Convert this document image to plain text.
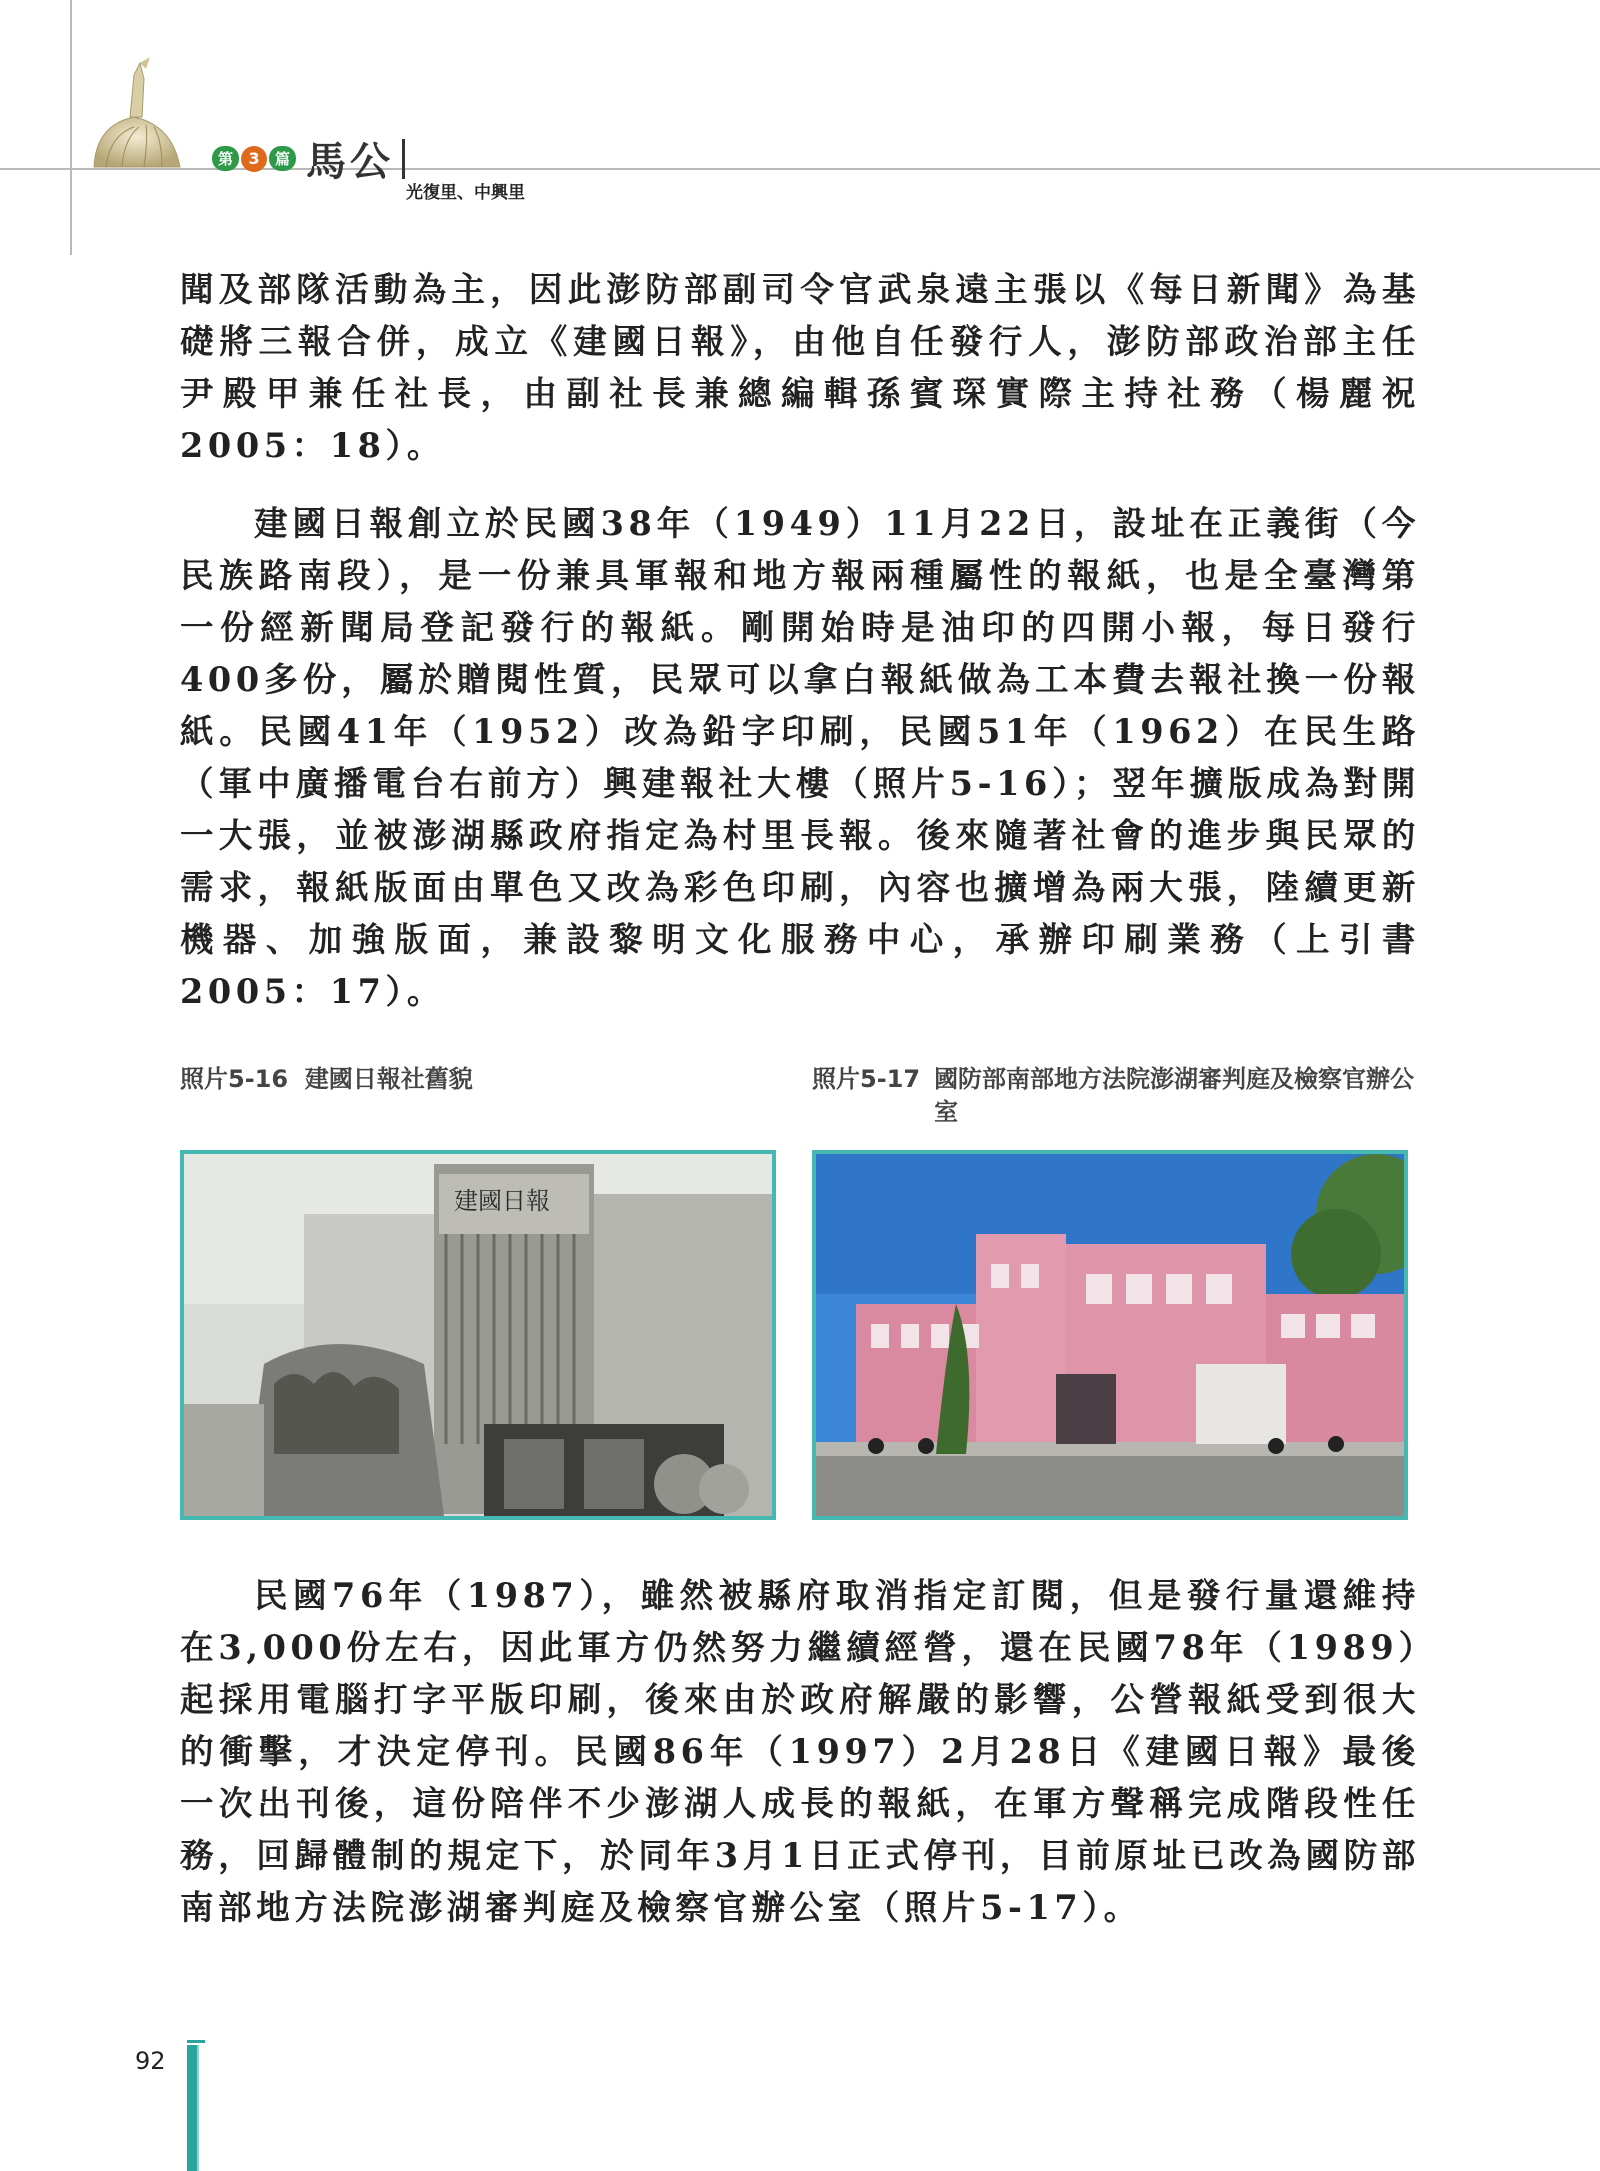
第 3	篇 馬公
光復里、中興里
聞及部隊活動為主，因此澎防部副司令官武泉遠主張以《每日新聞》為基礎將三報合併，成立《建國日報》，由他自任發行人，澎防部政治部主任尹殿甲兼任社長，由副社長兼總編輯孫賓琛實際主持社務（楊麗祝2005：18）。
建國日報創立於民國38年（1949）11月22日，設址在正義街（今民族路南段），是一份兼具軍報和地方報兩種屬性的報紙，也是全臺灣第一份經新聞局登記發行的報紙。剛開始時是油印的四開小報，每日發行400多份，屬於贈閱性質，民眾可以拿白報紙做為工本費去報社換一份報紙。民國41年（1952）改為鉛字印刷，民國51年（1962）在民生路（軍中廣播電台右前方）興建報社大樓（照片5-16）；翌年擴版成為對開一大張，並被澎湖縣政府指定為村里長報。後來隨著社會的進步與民眾的需求，報紙版面由單色又改為彩色印刷，內容也擴增為兩大張，陸續更新機器、加強版面，兼設黎明文化服務中心，承辦印刷業務（上引書 2005：17）。
照片5-16 建國日報社舊貌	照片5-17 國防部南部地方法院澎湖審判庭及檢察官辦公室
建國日報
民國76年（1987），雖然被縣府取消指定訂閱，但是發行量還維持在3,000份左右，因此軍方仍然努力繼續經營，還在民國78年（1989）起採用電腦打字平版印刷，後來由於政府解嚴的影響，公營報紙受到很大的衝擊，才決定停刊。民國86年（1997）2月28日《建國日報》最後一次出刊後，這份陪伴不少澎湖人成長的報紙，在軍方聲稱完成階段性任務，回歸體制的規定下，於同年3月1日正式停刊，目前原址已改為國防部南部地方法院澎湖審判庭及檢察官辦公室（照片5-17）。
92
